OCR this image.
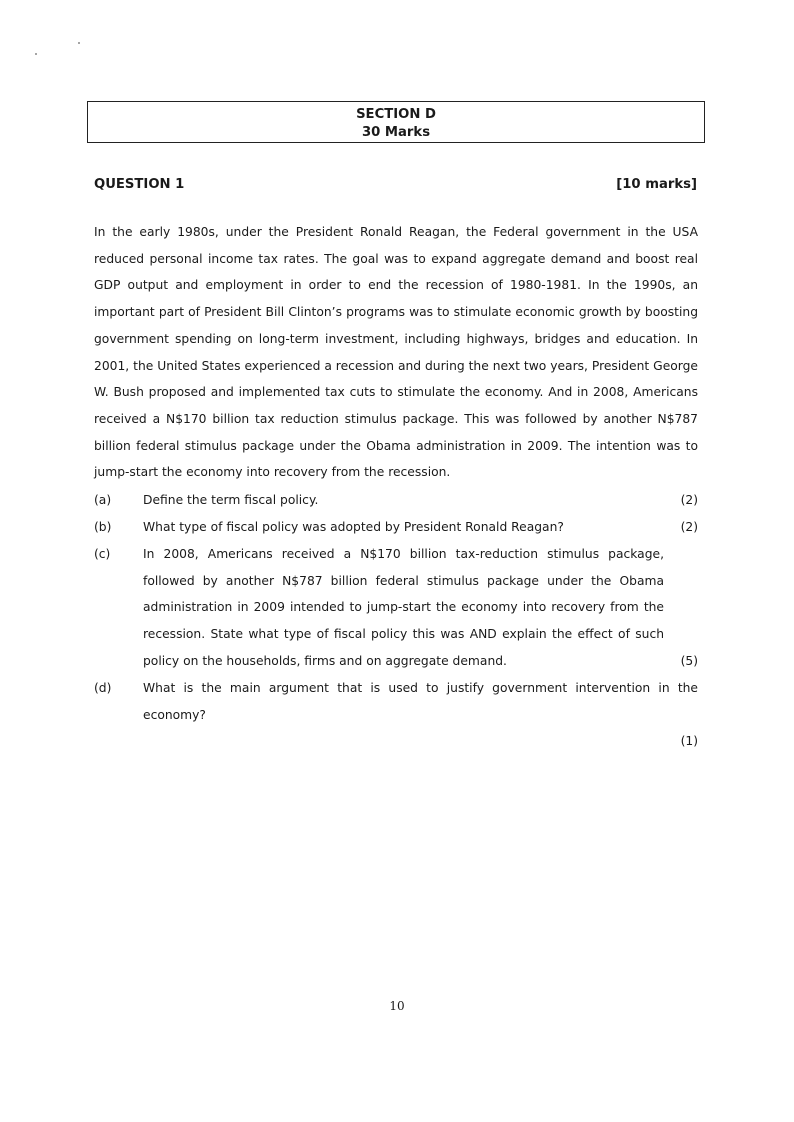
SECTION D
30 Marks
QUESTION 1	[10 marks]
In the early 1980s, under the President Ronald Reagan, the Federal government in the USA reduced personal income tax rates. The goal was to expand aggregate demand and boost real GDP output and employment in order to end the recession of 1980-1981. In the 1990s, an important part of President Bill Clinton’s programs was to stimulate economic growth by boosting government spending on long-term investment, including highways, bridges and education. In 2001, the United States experienced a recession and during the next two years, President George W. Bush proposed and implemented tax cuts to stimulate the economy. And in 2008, Americans received a N$170 billion tax reduction stimulus package. This was followed by another N$787 billion federal stimulus package under the Obama administration in 2009. The intention was to jump-start the economy into recovery from the recession.
(a)	Define the term fiscal policy.	(2)
(b)	What type of fiscal policy was adopted by President Ronald Reagan?	(2)
(c)	In 2008, Americans received a N$170 billion tax-reduction stimulus package, followed by another N$787 billion federal stimulus package under the Obama administration in 2009 intended to jump-start the economy into recovery from the recession. State what type of fiscal policy this was AND explain the effect of such policy on the households, firms and on aggregate demand.	(5)
(d)	What is the main argument that is used to justify government intervention in the economy?
(1)
10
